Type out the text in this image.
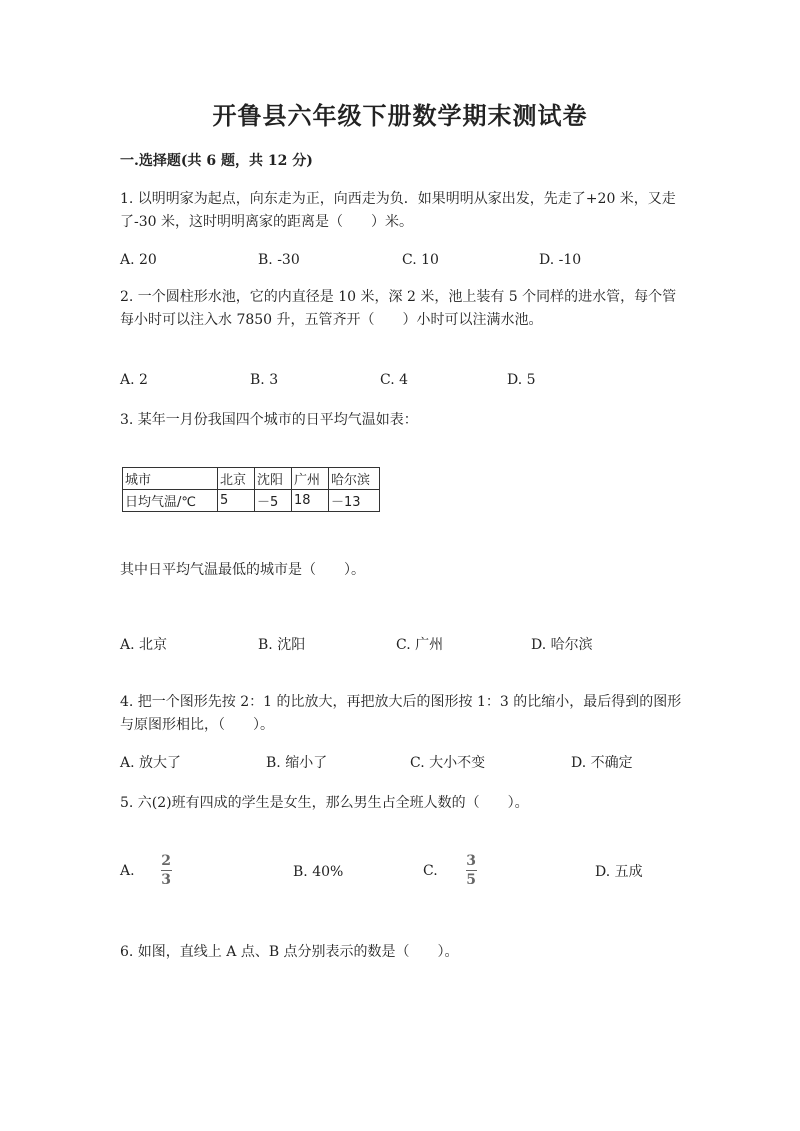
开鲁县六年级下册数学期末测试卷
一.选择题(共 6 题，共 12 分)
1. 以明明家为起点，向东走为正，向西走为负．如果明明从家出发，先走了+20 米，又走了-30 米，这时明明离家的距离是（　　）米。
A. 20	B. -30	C. 10	D. -10
2. 一个圆柱形水池，它的内直径是 10 米，深 2 米，池上装有 5 个同样的进水管，每个管每小时可以注入水 7850 升，五管齐开（　　）小时可以注满水池。
A. 2	B. 3	C. 4	D. 5
3. 某年一月份我国四个城市的日平均气温如表：
城市	北京	沈阳	广州	哈尔滨
日均气温/℃	5	－5	18	－13
其中日平均气温最低的城市是（　　）。
A. 北京	B. 沈阳	C. 广州	D. 哈尔滨
4. 把一个图形先按 2：1 的比放大，再把放大后的图形按 1：3 的比缩小，最后得到的图形与原图形相比，（　　）。
A. 放大了	B. 缩小了	C. 大小不变	D. 不确定
5. 六(2)班有四成的学生是女生，那么男生占全班人数的（　　）。
A.
2
3	B. 40%	C.
3
5	D. 五成
6. 如图，直线上 A 点、B 点分别表示的数是（　　）。
